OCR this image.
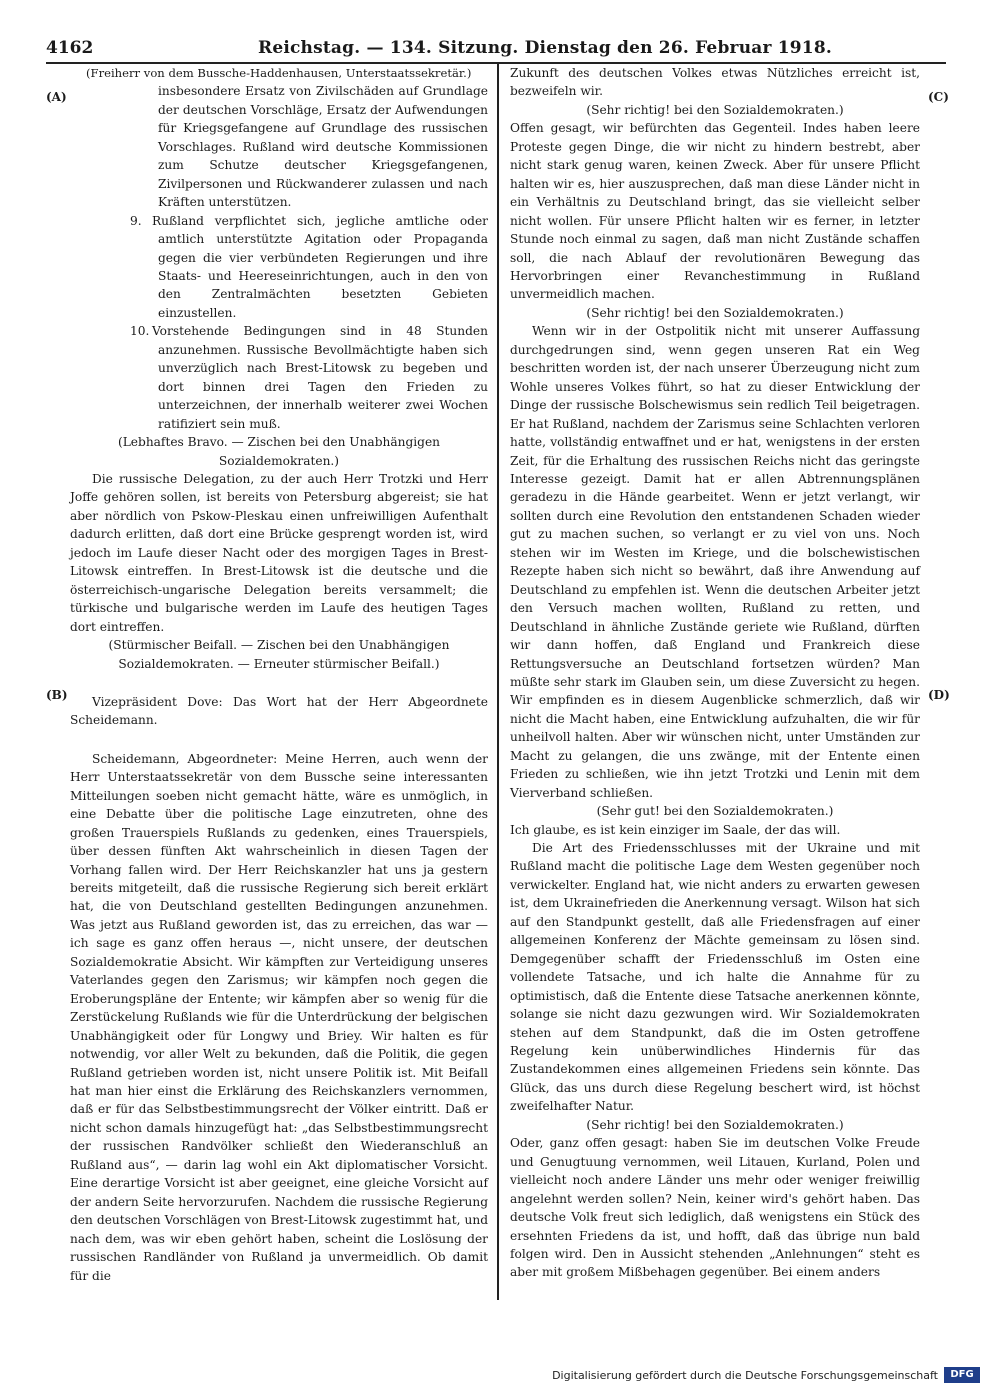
4162	Reichstag. — 134. Sitzung. Dienstag den 26. Februar 1918.
(A)
(B)
(C)
(D)

(Freiherr von dem Bussche-Haddenhausen, Unterstaatssekretär.)

insbesondere Ersatz von Zivilschäden auf Grundlage der deutschen Vorschläge, Ersatz der Aufwendungen für Kriegsgefangene auf Grundlage des russischen Vorschlages. Rußland wird deutsche Kommissionen zum Schutze deutscher Kriegsgefangenen, Zivilpersonen und Rückwanderer zulassen und nach Kräften unterstützen.

9. Rußland verpflichtet sich, jegliche amtliche oder amtlich unterstützte Agitation oder Propaganda gegen die vier verbündeten Regierungen und ihre Staats- und Heereseinrichtungen, auch in den von den Zentralmächten besetzten Gebieten einzustellen.

10. Vorstehende Bedingungen sind in 48 Stunden anzunehmen. Russische Bevollmächtigte haben sich unverzüglich nach Brest-Litowsk zu begeben und dort binnen drei Tagen den Frieden zu unterzeichnen, der innerhalb weiterer zwei Wochen ratifiziert sein muß.

(Lebhaftes Bravo. — Zischen bei den Unabhängigen Sozialdemokraten.)

Die russische Delegation, zu der auch Herr Trotzki und Herr Joffe gehören sollen, ist bereits von Petersburg abgereist; sie hat aber nördlich von Pskow-Pleskau einen unfreiwilligen Aufenthalt dadurch erlitten, daß dort eine Brücke gesprengt worden ist, wird jedoch im Laufe dieser Nacht oder des morgigen Tages in Brest-Litowsk eintreffen. In Brest-Litowsk ist die deutsche und die österreichisch-ungarische Delegation bereits versammelt; die türkische und bulgarische werden im Laufe des heutigen Tages dort eintreffen.

(Stürmischer Beifall. — Zischen bei den Unabhängigen Sozialdemokraten. — Erneuter stürmischer Beifall.)

Vizepräsident Dove: Das Wort hat der Herr Abgeordnete Scheidemann.

Scheidemann, Abgeordneter: Meine Herren, auch wenn der Herr Unterstaatssekretär von dem Bussche seine interessanten Mitteilungen soeben nicht gemacht hätte, wäre es unmöglich, in eine Debatte über die politische Lage einzutreten, ohne des großen Trauerspiels Rußlands zu gedenken, eines Trauerspiels, über dessen fünften Akt wahrscheinlich in diesen Tagen der Vorhang fallen wird. Der Herr Reichskanzler hat uns ja gestern bereits mitgeteilt, daß die russische Regierung sich bereit erklärt hat, die von Deutschland gestellten Bedingungen anzunehmen. Was jetzt aus Rußland geworden ist, das zu erreichen, das war — ich sage es ganz offen heraus —, nicht unsere, der deutschen Sozialdemokratie Absicht. Wir kämpften zur Verteidigung unseres Vaterlandes gegen den Zarismus; wir kämpfen noch gegen die Eroberungspläne der Entente; wir kämpfen aber so wenig für die Zerstückelung Rußlands wie für die Unterdrückung der belgischen Unabhängigkeit oder für Longwy und Briey. Wir halten es für notwendig, vor aller Welt zu bekunden, daß die Politik, die gegen Rußland getrieben worden ist, nicht unsere Politik ist. Mit Beifall hat man hier einst die Erklärung des Reichskanzlers vernommen, daß er für das Selbstbestimmungsrecht der Völker eintritt. Daß er nicht schon damals hinzugefügt hat: „das Selbstbestimmungsrecht der russischen Randvölker schließt den Wiederanschluß an Rußland aus“, — darin lag wohl ein Akt diplomatischer Vorsicht. Eine derartige Vorsicht ist aber geeignet, eine gleiche Vorsicht auf der andern Seite hervorzurufen. Nachdem die russische Regierung den deutschen Vorschlägen von Brest-Litowsk zugestimmt hat, und nach dem, was wir eben gehört haben, scheint die Loslösung der russischen Randländer von Rußland ja unvermeidlich. Ob damit für die

Zukunft des deutschen Volkes etwas Nützliches erreicht ist, bezweifeln wir.

(Sehr richtig! bei den Sozialdemokraten.)

Offen gesagt, wir befürchten das Gegenteil. Indes haben leere Proteste gegen Dinge, die wir nicht zu hindern bestrebt, aber nicht stark genug waren, keinen Zweck. Aber für unsere Pflicht halten wir es, hier auszusprechen, daß man diese Länder nicht in ein Verhältnis zu Deutschland bringt, das sie vielleicht selber nicht wollen. Für unsere Pflicht halten wir es ferner, in letzter Stunde noch einmal zu sagen, daß man nicht Zustände schaffen soll, die nach Ablauf der revolutionären Bewegung das Hervorbringen einer Revanchestimmung in Rußland unvermeidlich machen.

(Sehr richtig! bei den Sozialdemokraten.)

Wenn wir in der Ostpolitik nicht mit unserer Auffassung durchgedrungen sind, wenn gegen unseren Rat ein Weg beschritten worden ist, der nach unserer Überzeugung nicht zum Wohle unseres Volkes führt, so hat zu dieser Entwicklung der Dinge der russische Bolschewismus sein redlich Teil beigetragen. Er hat Rußland, nachdem der Zarismus seine Schlachten verloren hatte, vollständig entwaffnet und er hat, wenigstens in der ersten Zeit, für die Erhaltung des russischen Reichs nicht das geringste Interesse gezeigt. Damit hat er allen Abtrennungsplänen geradezu in die Hände gearbeitet. Wenn er jetzt verlangt, wir sollten durch eine Revolution den entstandenen Schaden wieder gut zu machen suchen, so verlangt er zu viel von uns. Noch stehen wir im Westen im Kriege, und die bolschewistischen Rezepte haben sich nicht so bewährt, daß ihre Anwendung auf Deutschland zu empfehlen ist. Wenn die deutschen Arbeiter jetzt den Versuch machen wollten, Rußland zu retten, und Deutschland in ähnliche Zustände geriete wie Rußland, dürften wir dann hoffen, daß England und Frankreich diese Rettungsversuche an Deutschland fortsetzen würden? Man müßte sehr stark im Glauben sein, um diese Zuversicht zu hegen. Wir empfinden es in diesem Augenblicke schmerzlich, daß wir nicht die Macht haben, eine Entwicklung aufzuhalten, die wir für unheilvoll halten. Aber wir wünschen nicht, unter Umständen zur Macht zu gelangen, die uns zwänge, mit der Entente einen Frieden zu schließen, wie ihn jetzt Trotzki und Lenin mit dem Vierverband schließen.

(Sehr gut! bei den Sozialdemokraten.)

Ich glaube, es ist kein einziger im Saale, der das will.

Die Art des Friedensschlusses mit der Ukraine und mit Rußland macht die politische Lage dem Westen gegenüber noch verwickelter. England hat, wie nicht anders zu erwarten gewesen ist, dem Ukrainefrieden die Anerkennung versagt. Wilson hat sich auf den Standpunkt gestellt, daß alle Friedensfragen auf einer allgemeinen Konferenz der Mächte gemeinsam zu lösen sind. Demgegenüber schafft der Friedensschluß im Osten eine vollendete Tatsache, und ich halte die Annahme für zu optimistisch, daß die Entente diese Tatsache anerkennen könnte, solange sie nicht dazu gezwungen wird. Wir Sozialdemokraten stehen auf dem Standpunkt, daß die im Osten getroffene Regelung kein unüberwindliches Hindernis für das Zustandekommen eines allgemeinen Friedens sein könnte. Das Glück, das uns durch diese Regelung beschert wird, ist höchst zweifelhafter Natur.

(Sehr richtig! bei den Sozialdemokraten.)

Oder, ganz offen gesagt: haben Sie im deutschen Volke Freude und Genugtuung vernommen, weil Litauen, Kurland, Polen und vielleicht noch andere Länder uns mehr oder weniger freiwillig angelehnt werden sollen? Nein, keiner wird's gehört haben. Das deutsche Volk freut sich lediglich, daß wenigstens ein Stück des ersehnten Friedens da ist, und hofft, daß das übrige nun bald folgen wird. Den in Aussicht stehenden „Anlehnungen“ steht es aber mit großem Mißbehagen gegenüber. Bei einem anders

Digitalisierung gefördert durch die Deutsche Forschungsgemeinschaft	DFG
